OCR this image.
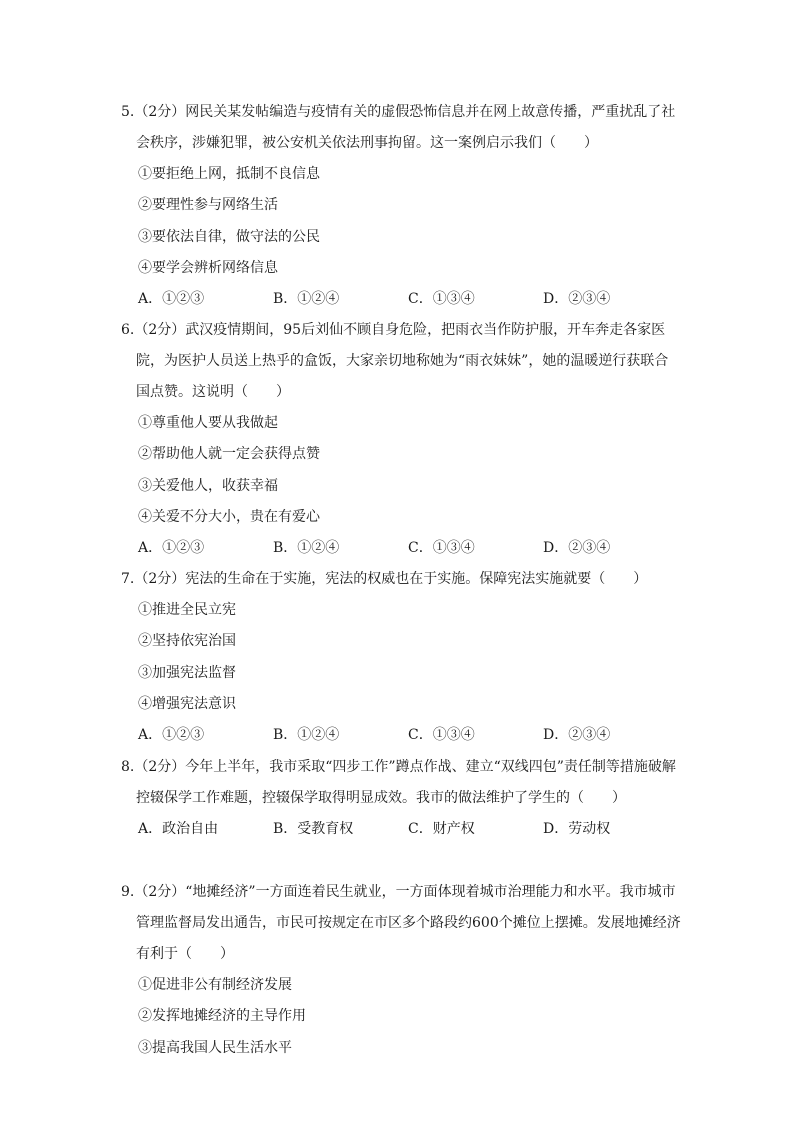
5.（2分）网民关某发帖编造与疫情有关的虚假恐怖信息并在网上故意传播，严重扰乱了社会秩序，涉嫌犯罪，被公安机关依法刑事拘留。这一案例启示我们（　　）

①要拒绝上网，抵制不良信息

②要理性参与网络生活

③要依法自律，做守法的公民

④要学会辨析网络信息

A．①②③	B．①②④	C．①③④	D．②③④

6.（2分）武汉疫情期间，95后刘仙不顾自身危险，把雨衣当作防护服，开车奔走各家医院，为医护人员送上热乎的盒饭，大家亲切地称她为“雨衣妹妹”，她的温暖逆行获联合国点赞。这说明（　　）

①尊重他人要从我做起

②帮助他人就一定会获得点赞

③关爱他人，收获幸福

④关爱不分大小，贵在有爱心

A．①②③	B．①②④	C．①③④	D．②③④

7.（2分）宪法的生命在于实施，宪法的权威也在于实施。保障宪法实施就要（　　）

①推进全民立宪

②坚持依宪治国

③加强宪法监督

④增强宪法意识

A．①②③	B．①②④	C．①③④	D．②③④

8.（2分）今年上半年，我市采取“四步工作”蹲点作战、建立“双线四包”责任制等措施破解控辍保学工作难题，控辍保学取得明显成效。我市的做法维护了学生的（　　）

A．政治自由	B．受教育权	C．财产权	D．劳动权

9.（2分）“地摊经济”一方面连着民生就业，一方面体现着城市治理能力和水平。我市城市管理监督局发出通告，市民可按规定在市区多个路段约600个摊位上摆摊。发展地摊经济有利于（　　）

①促进非公有制经济发展

②发挥地摊经济的主导作用

③提高我国人民生活水平
